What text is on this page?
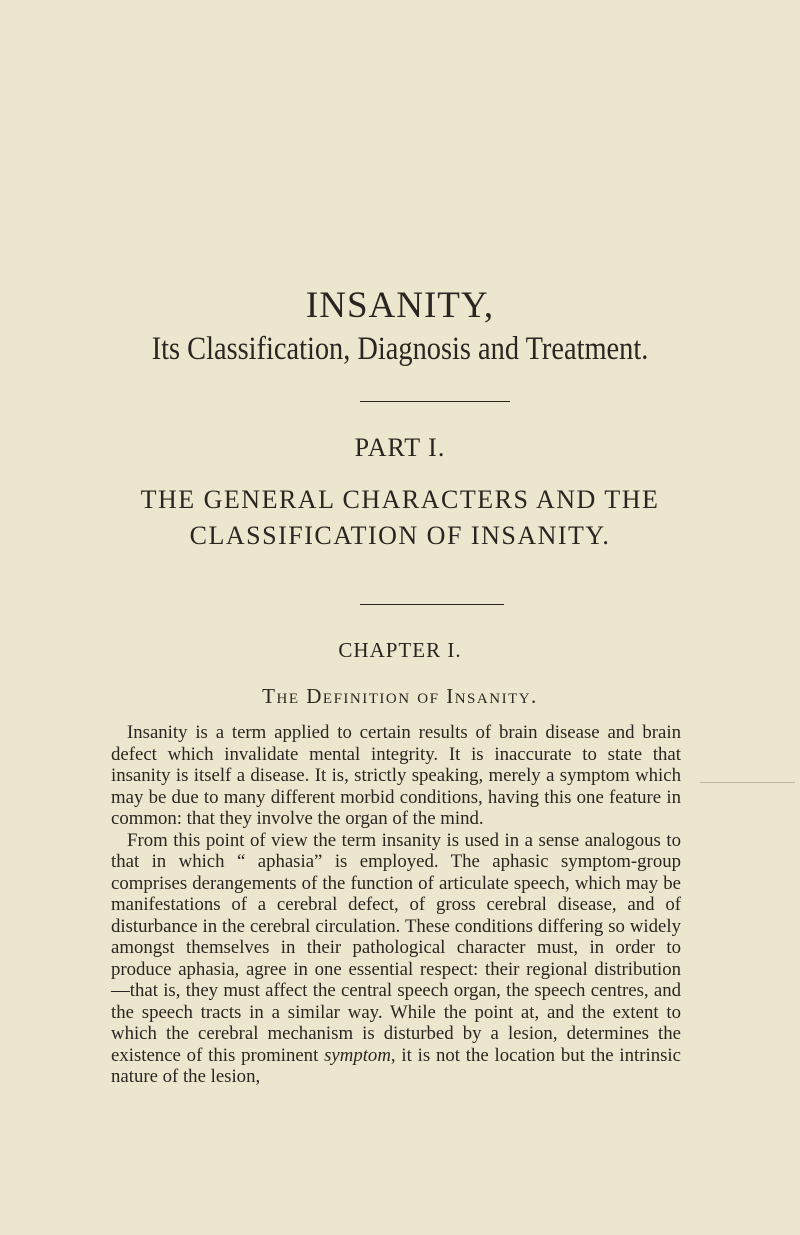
INSANITY,
Its Classification, Diagnosis and Treatment.
PART I.
THE GENERAL CHARACTERS AND THE
CLASSIFICATION OF INSANITY.
CHAPTER I.
The Definition of Insanity.

Insanity is a term applied to certain results of brain disease and brain defect which invalidate mental integrity. It is inaccurate to state that insanity is itself a disease. It is, strictly speaking, merely a symptom which may be due to many different morbid conditions, having this one feature in common: that they involve the organ of the mind.

From this point of view the term insanity is used in a sense analogous to that in which “ aphasia” is employed. The aphasic symptom-group comprises derangements of the function of articulate speech, which may be manifestations of a cerebral defect, of gross cerebral disease, and of disturbance in the cerebral circulation. These conditions differing so widely amongst themselves in their pathological character must, in order to produce aphasia, agree in one essential respect: their regional distribution—that is, they must affect the central speech organ, the speech centres, and the speech tracts in a similar way. While the point at, and the extent to which the cerebral mechanism is disturbed by a lesion, determines the existence of this prominent symptom, it is not the location but the intrinsic nature of the lesion,
